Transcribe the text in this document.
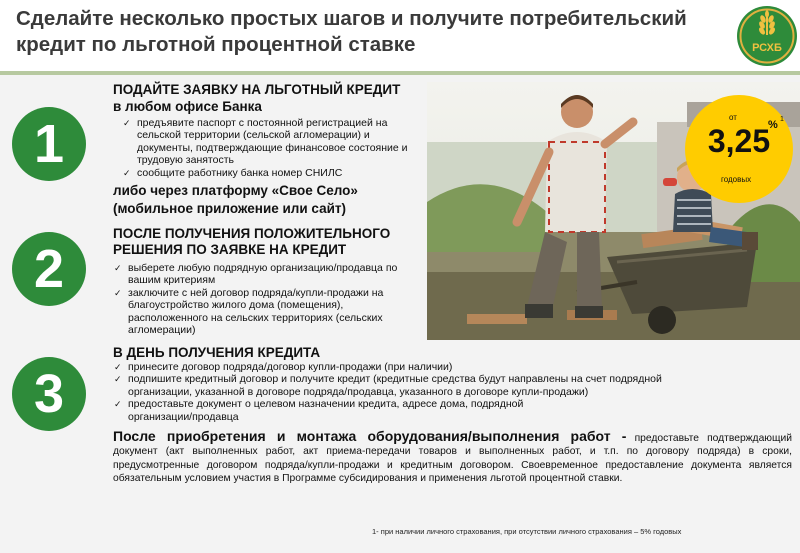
Сделайте несколько простых шагов и получите потребительский
кредит по льготной процентной ставке	РСХБ
от
3,25
% 1
годовых
1
ПОДАЙТЕ ЗАЯВКУ НА ЛЬГОТНЫЙ КРЕДИТ
в любом офисе Банка
✓ предъявите паспорт с постоянной регистрацией на сельской территории (сельской агломерации) и документы, подтверждающие финансовое состояние и трудовую занятость
✓ сообщите работнику банка номер СНИЛС
либо через платформу «Свое Село»
(мобильное приложение или сайт)
2
ПОСЛЕ ПОЛУЧЕНИЯ ПОЛОЖИТЕЛЬНОГО
РЕШЕНИЯ ПО ЗАЯВКЕ НА КРЕДИТ
✓ выберете любую подрядную организацию/продавца по вашим критериям
✓ заключите с ней договор подряда/купли-продажи на благоустройство жилого дома (помещения), расположенного на сельских территориях (сельских агломерации)
3
В ДЕНЬ ПОЛУЧЕНИЯ КРЕДИТА
✓ принесите договор подряда/договор купли-продажи (при наличии)
✓ подпишите кредитный договор и получите кредит (кредитные средства будут направлены на счет подрядной организации, указанной в договоре подряда/продавца, указанного в договоре купли-продажи)
✓ предоставьте документ о целевом назначении кредита, адресе дома, подрядной организации/продавца
После приобретения и монтажа оборудования/выполнения работ - предоставьте подтверждающий документ (акт выполненных работ, акт приема-передачи товаров и выполненных работ, и т.п. по договору подряда) в сроки, предусмотренные договором подряда/купли-продажи и кредитным договором. Своевременное предоставление документа является обязательным условием участия в Программе субсидирования и применения льготой процентной ставки.
1- при наличии личного страхования, при отсутствии личного страхования – 5% годовых
